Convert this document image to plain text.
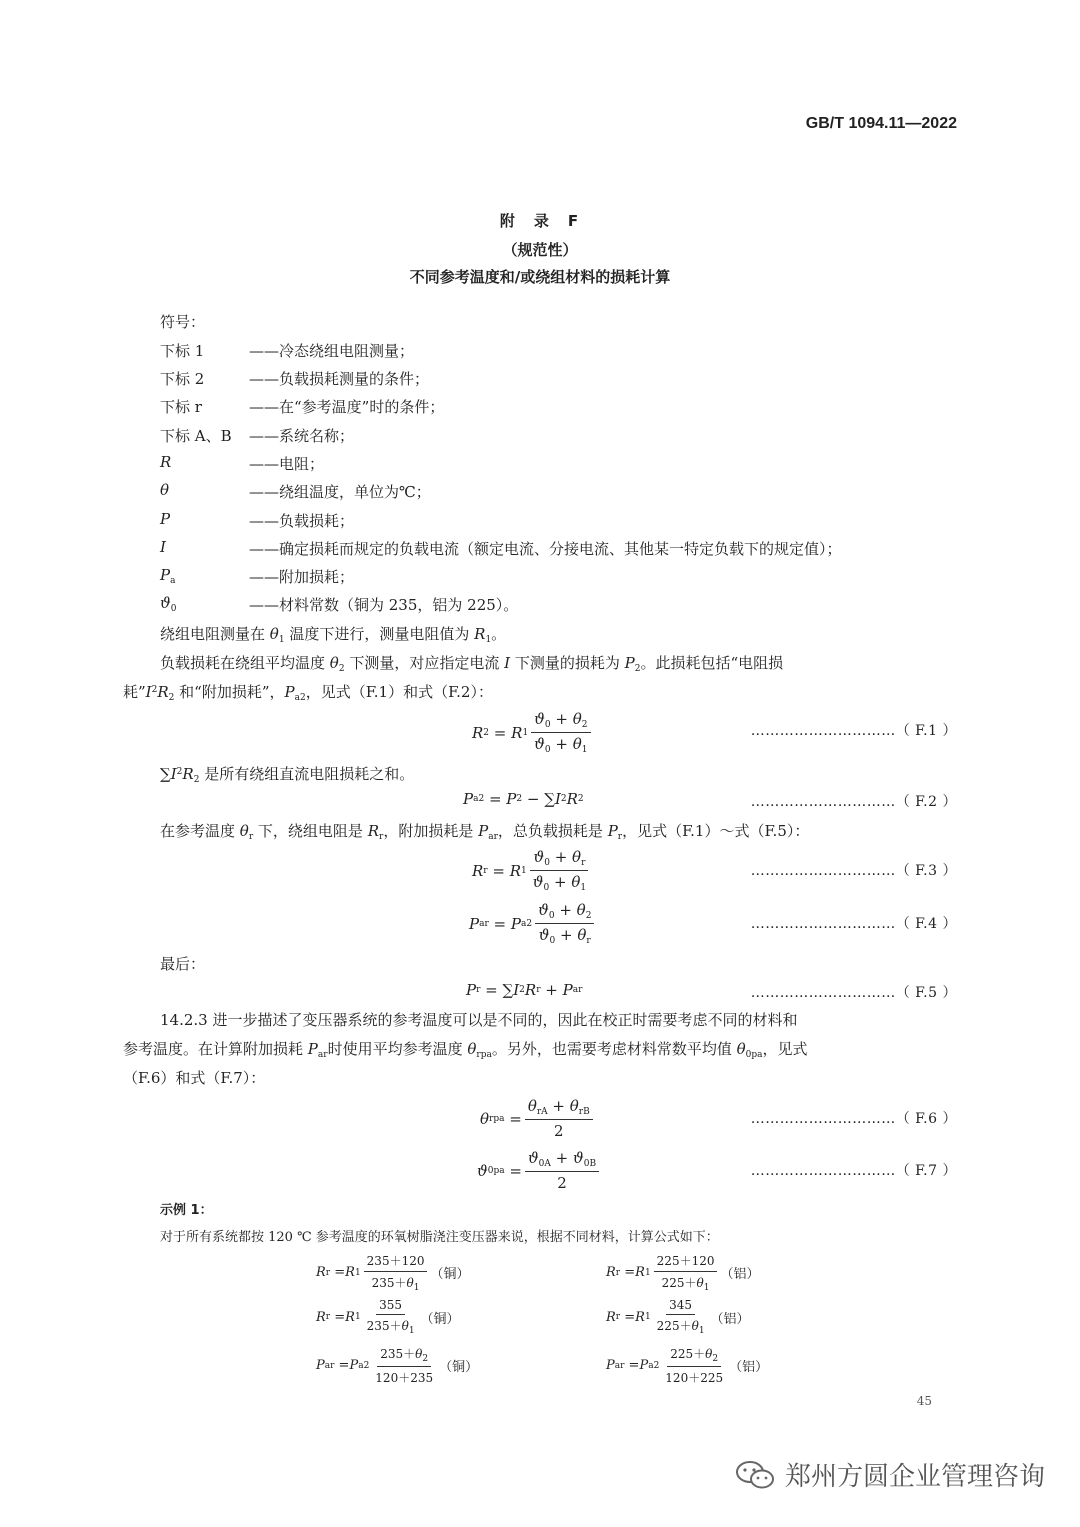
GB/T 1094.11—2022
附　录　F
（规范性）
不同参考温度和/或绕组材料的损耗计算
符号：
下标 1	——冷态绕组电阻测量；
下标 2	——负载损耗测量的条件；
下标 r	——在“参考温度”时的条件；
下标 A、B ——系统名称；
R	——电阻；
θ	——绕组温度，单位为℃；
P	——负载损耗；
I	——确定损耗而规定的负载电流（额定电流、分接电流、其他某一特定负载下的规定值）；
$P_a$	——附加损耗；
$ϑ_0$	——材料常数（铜为 235，铝为 225）。
绕组电阻测量在 $\theta_1$ 温度下进行，测量电阻值为 $R_1$。
负载损耗在绕组平均温度 $\theta_2$ 下测量，对应指定电流 I 下测量的损耗为 $P_2$。此损耗包括“电阻损
耗$”I^2R_2$ 和“附加损耗”，$P_{a2}$，见式（F.1）和式（F.2）：
R 2 = R $1 \frac{ϑ_0 + \theta_2}{ϑ_0 + \theta_1}$	…………………………（ F.1 ）
$\sum I^2R_2$ 是所有绕组直流电阻损耗之和。
P a2 = P 2 − ∑ I 2 R 2	…………………………（ F.2 ）
在参考温度 $\theta_r$ 下，绕组电阻是 $R_r$，附加损耗是 $P_{ar}$，总负载损耗是 $P_r$，见式（F.1）～式（F.5）：
R r = R $1 \frac{ϑ_0 + \theta_r}{ϑ_0 + \theta_1}$	…………………………（ F.3 ）
P ar = P $a2 \frac{ϑ_0 + \theta_2}{ϑ_0 + \theta_r}$	…………………………（ F.4 ）
最后：
P r = ∑ I 2 R r + P ar	…………………………（ F.5 ）
14.2.3 进一步描述了变压器系统的参考温度可以是不同的，因此在校正时需要考虑不同的材料和
参考温度。在计算附加损耗 $P_{ar}$时使用平均参考温度 $\theta_{rpa}$。另外，也需要考虑材料常数平均值 $\theta_{0pa}$，见式
（F.6）和式（F.7）：
θ rpa = $\frac{\theta_{rA} + \theta_{rB}}{2}$	…………………………（ F.6 ）
ϑ $0pa = \frac{ϑ_{0A} + ϑ_{0B}}{2}$	…………………………（ F.7 ）
示例 1：
对于所有系统都按 120 ℃ 参考温度的环氧树脂浇注变压器来说，根据不同材料，计算公式如下：
R r = R $1 \frac{235+120}{235+\theta_1}$ （铜）	R r = R $1 \frac{225+120}{225+\theta_1}$ （铝）
R r = R $1 \frac{355}{235+\theta_1}$ （铜）	R r = R $1 \frac{345}{225+\theta_1}$ （铝）
P ar = P $a2 \frac{235+\theta_2}{120+235}$ （铜）	P ar = P $a2 \frac{225+\theta_2}{120+225}$ （铝）
45
郑州方圆企业管理咨询
